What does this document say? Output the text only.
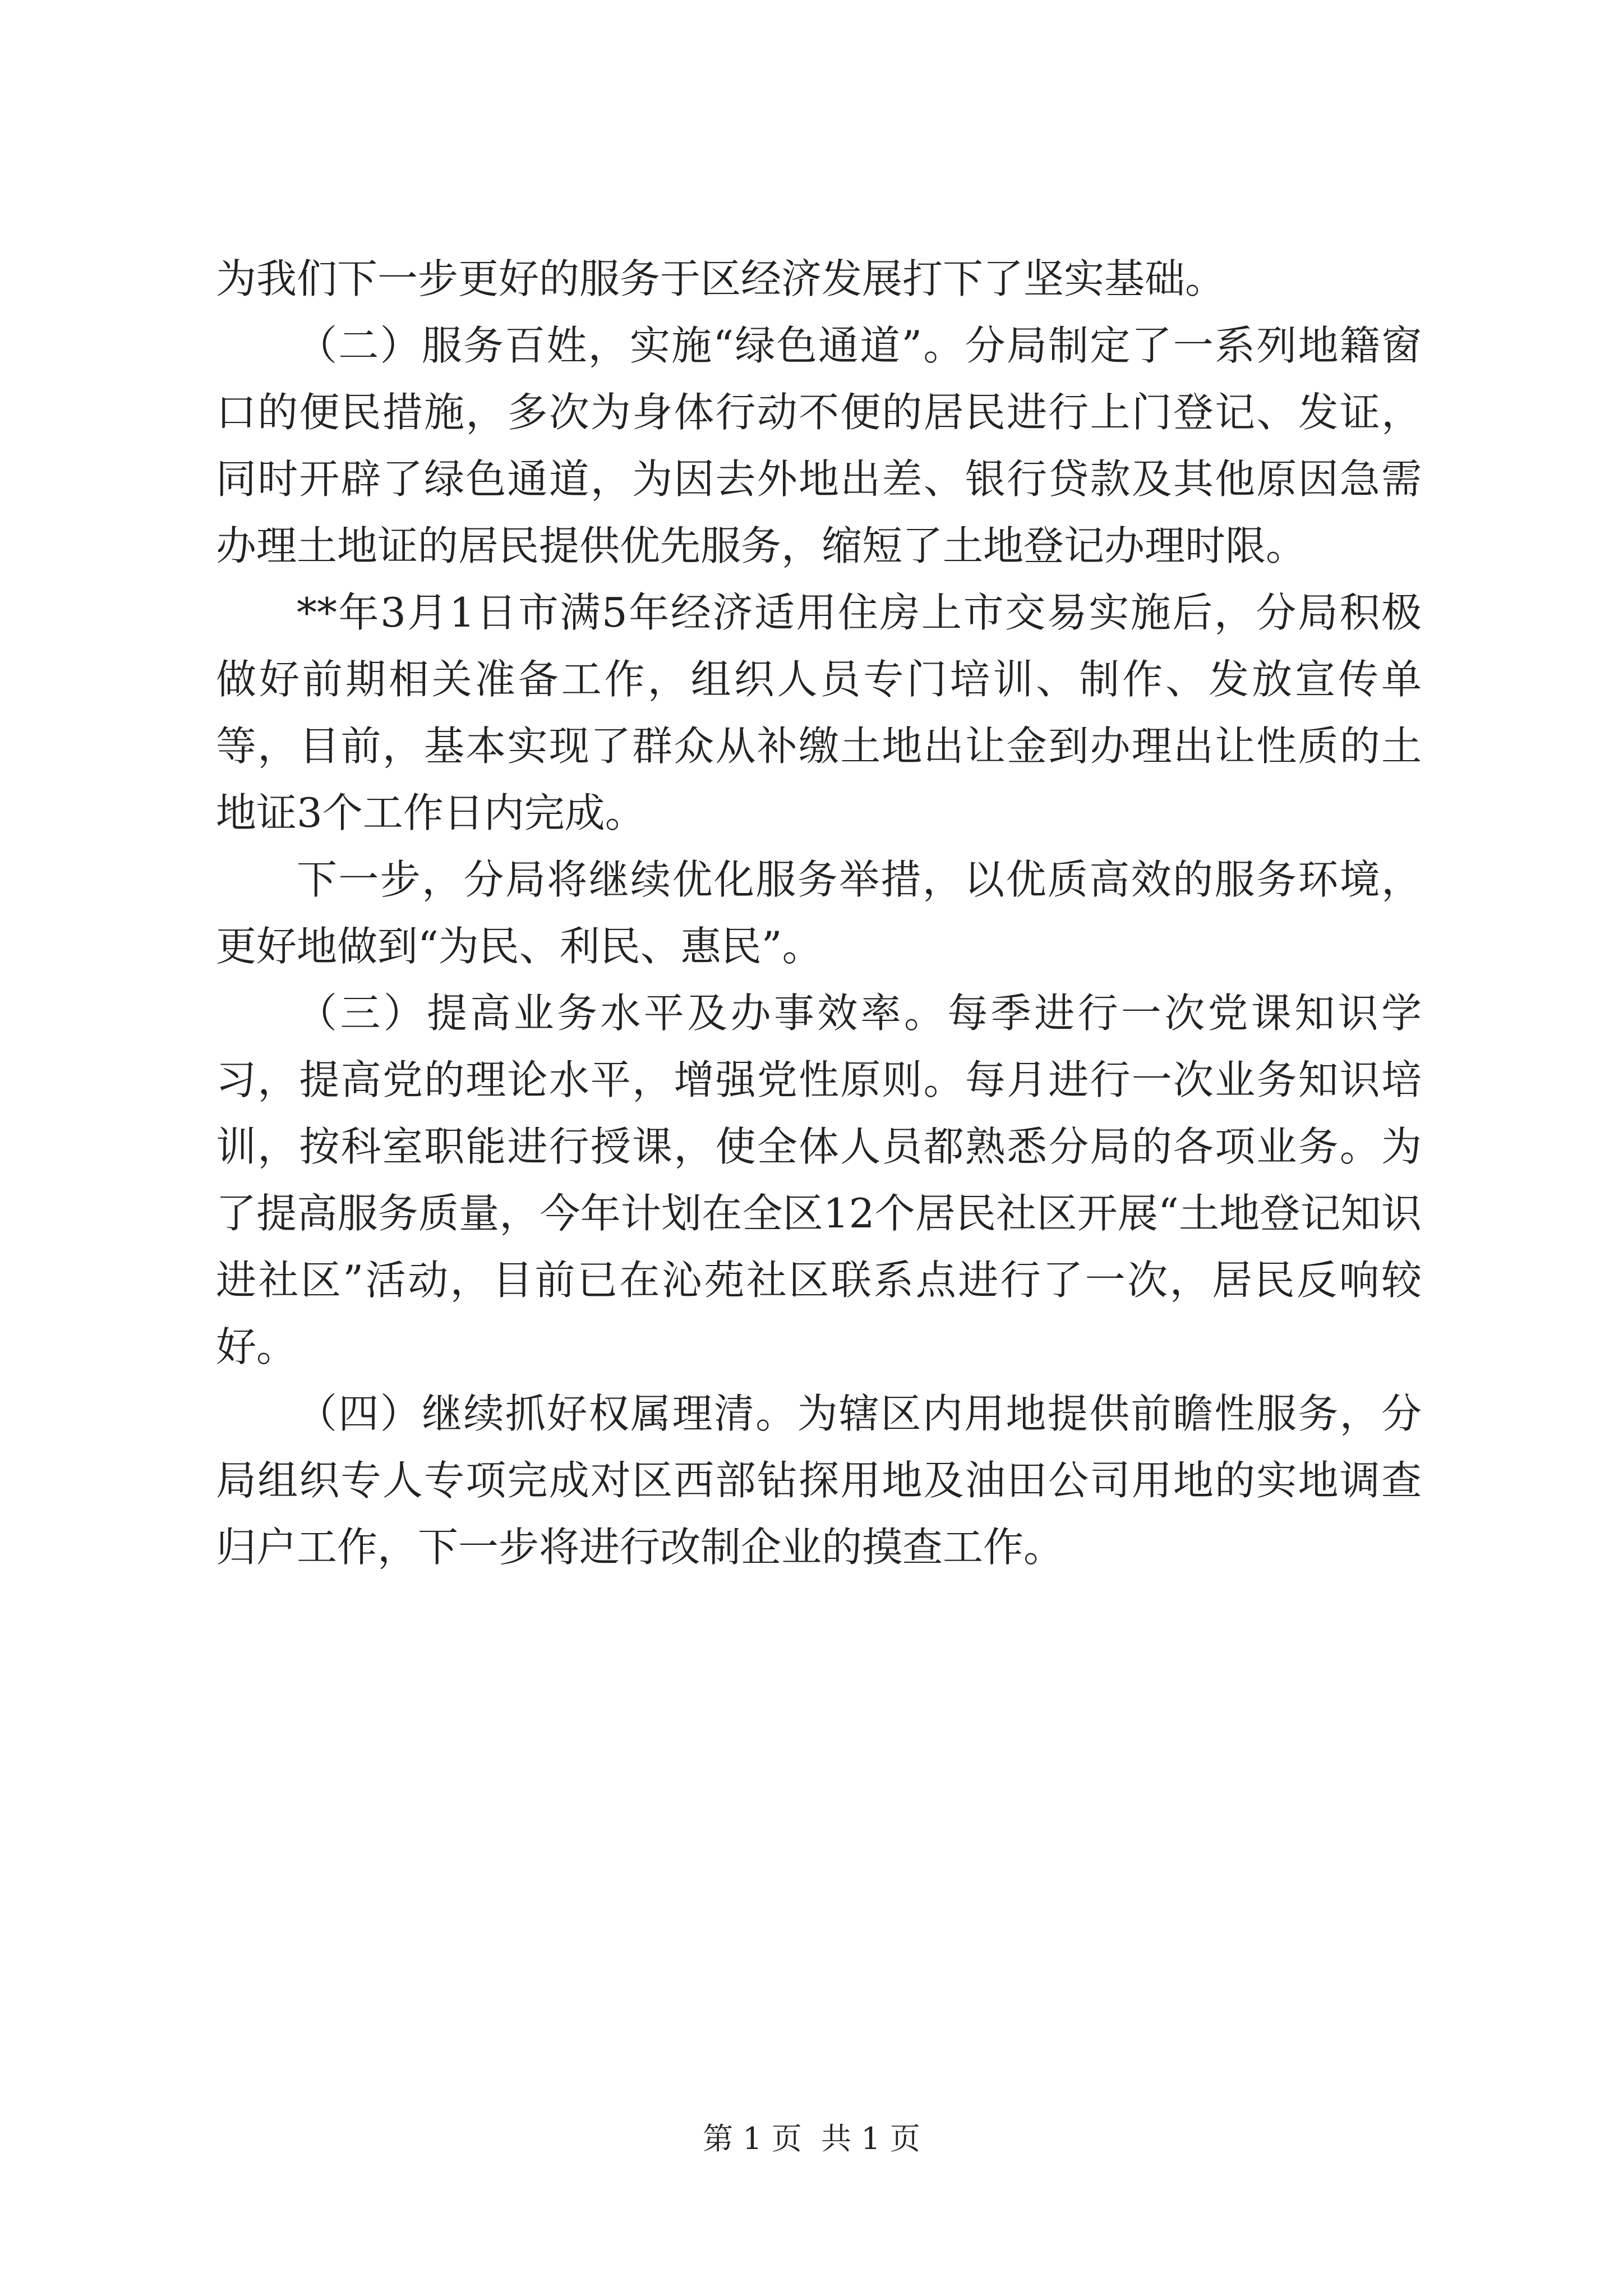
为我们下一步更好的服务于区经济发展打下了坚实基础。

（二）服务百姓，实施“绿色通道”。分局制定了一系列地籍窗口的便民措施，多次为身体行动不便的居民进行上门登记、发证，同时开辟了绿色通道，为因去外地出差、银行贷款及其他原因急需办理土地证的居民提供优先服务，缩短了土地登记办理时限。

**年3月1日市满5年经济适用住房上市交易实施后，分局积极做好前期相关准备工作，组织人员专门培训、制作、发放宣传单等，目前，基本实现了群众从补缴土地出让金到办理出让性质的土地证3个工作日内完成。

下一步，分局将继续优化服务举措，以优质高效的服务环境，更好地做到“为民、利民、惠民”。

（三）提高业务水平及办事效率。每季进行一次党课知识学习，提高党的理论水平，增强党性原则。每月进行一次业务知识培训，按科室职能进行授课，使全体人员都熟悉分局的各项业务。为了提高服务质量，今年计划在全区12个居民社区开展“土地登记知识进社区”活动，目前已在沁苑社区联系点进行了一次，居民反响较好。

（四）继续抓好权属理清。为辖区内用地提供前瞻性服务，分局组织专人专项完成对区西部钻探用地及油田公司用地的实地调查归户工作，下一步将进行改制企业的摸查工作。

第 1 页  共 1 页
